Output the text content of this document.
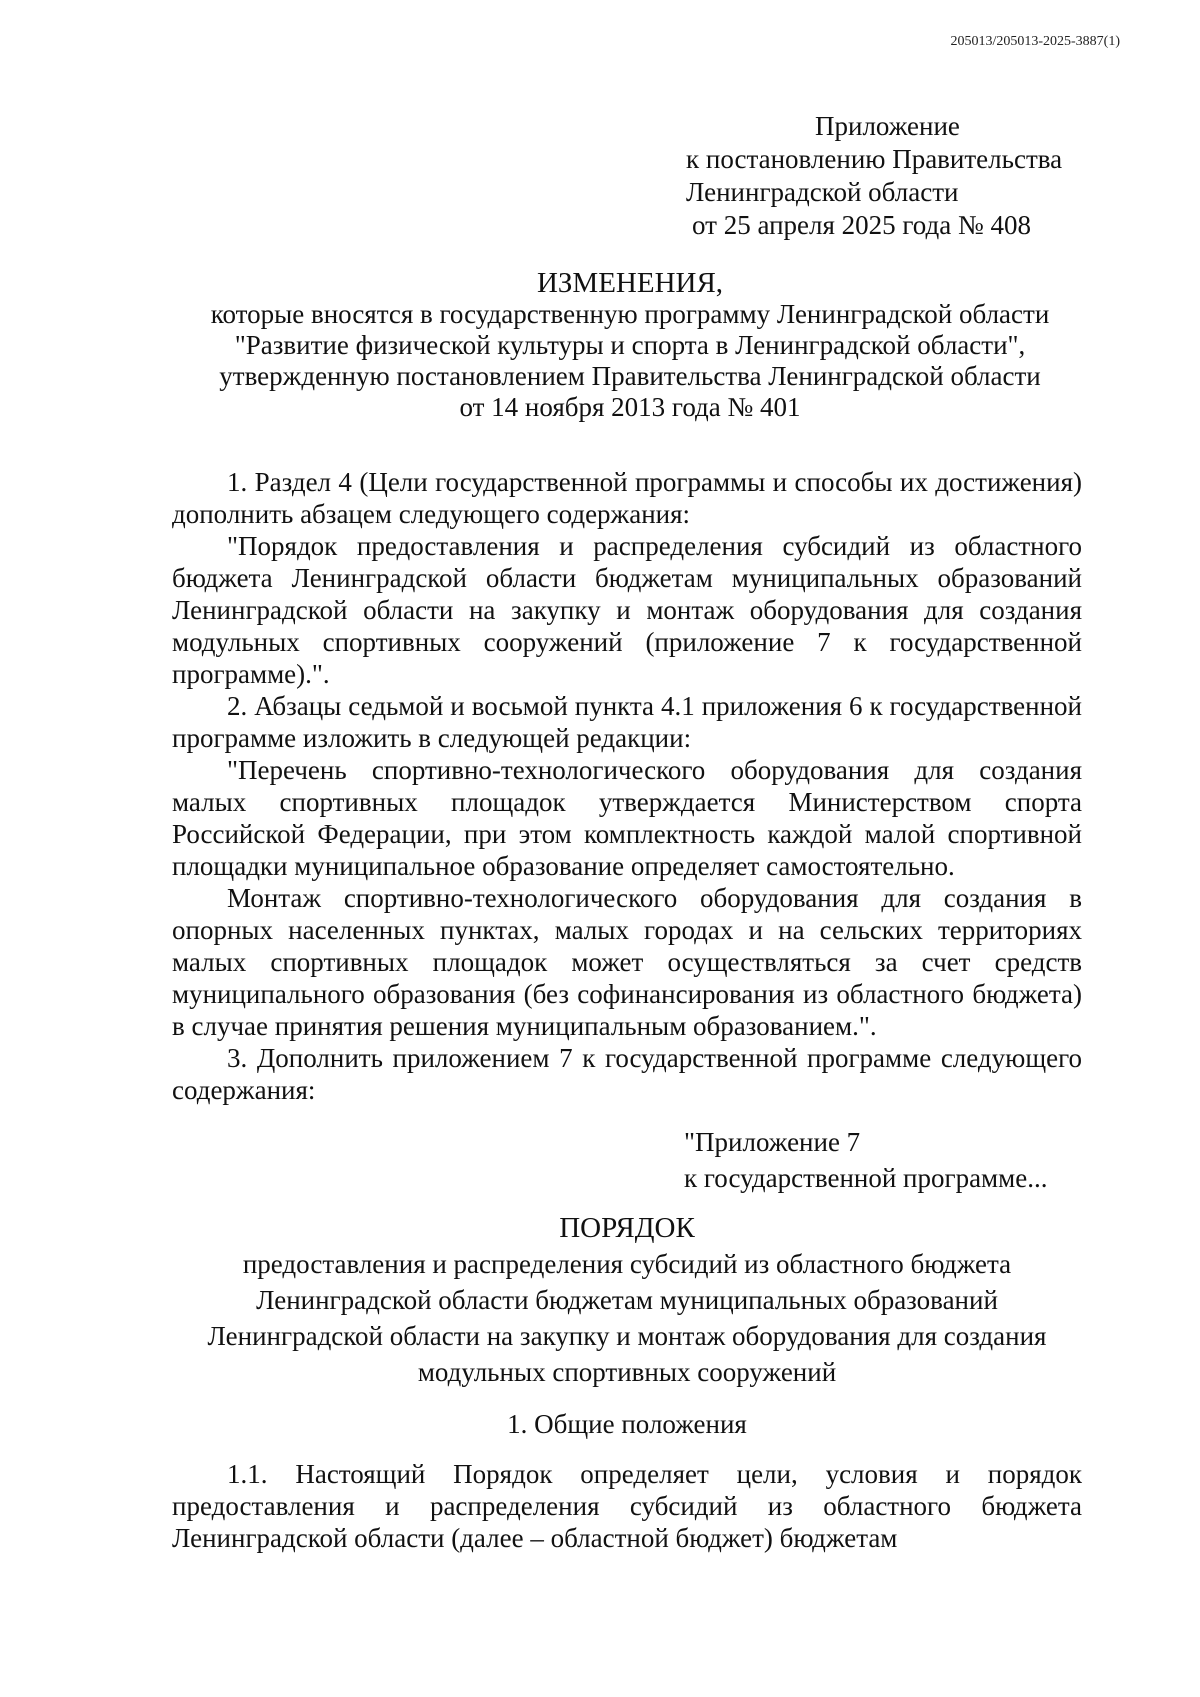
205013/205013-2025-3887(1)
Приложение
к постановлению Правительства
Ленинградской области
от 25 апреля 2025 года № 408
ИЗМЕНЕНИЯ,
которые вносятся в государственную программу Ленинградской области
"Развитие физической культуры и спорта в Ленинградской области",
утвержденную постановлением Правительства Ленинградской области
от 14 ноября 2013 года № 401

1. Раздел 4 (Цели государственной программы и способы их достижения) дополнить абзацем следующего содержания:

"Порядок предоставления и распределения субсидий из областного бюджета Ленинградской области бюджетам муниципальных образований Ленинградской области на закупку и монтаж оборудования для создания модульных спортивных сооружений (приложение 7 к государственной программе).".

2. Абзацы седьмой и восьмой пункта 4.1 приложения 6 к государственной программе изложить в следующей редакции:

"Перечень спортивно-технологического оборудования для создания малых спортивных площадок утверждается Министерством спорта Российской Федерации, при этом комплектность каждой малой спортивной площадки муниципальное образование определяет самостоятельно.

Монтаж спортивно-технологического оборудования для создания в опорных населенных пунктах, малых городах и на сельских территориях малых спортивных площадок может осуществляться за счет средств муниципального образования (без софинансирования из областного бюджета) в случае принятия решения муниципальным образованием.".

3. Дополнить приложением 7 к государственной программе следующего содержания:

"Приложение 7
к государственной программе...
ПОРЯДОК
предоставления и распределения субсидий из областного бюджета
Ленинградской области бюджетам муниципальных образований
Ленинградской области на закупку и монтаж оборудования для создания
модульных спортивных сооружений
1. Общие положения

1.1. Настоящий Порядок определяет цели, условия и порядок предоставления и распределения субсидий из областного бюджета Ленинградской области (далее – областной бюджет) бюджетам
